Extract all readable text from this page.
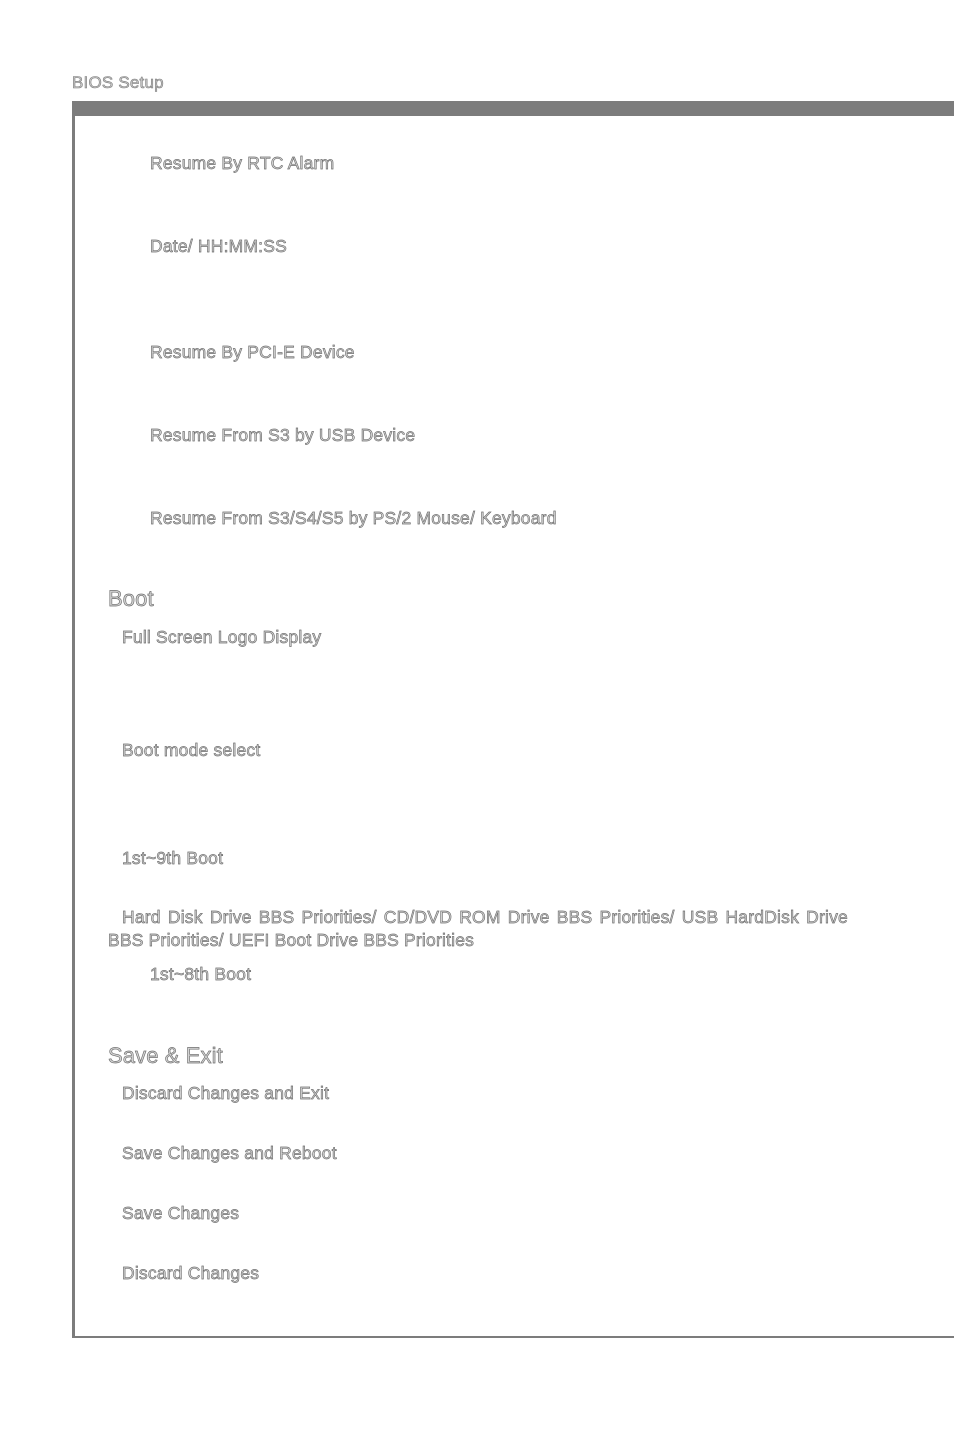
BIOS Setup
Resume By RTC Alarm
Date/ HH:MM:SS
Resume By PCI-E Device
Resume From S3 by USB Device
Resume From S3/S4/S5 by PS/2 Mouse/ Keyboard
Boot
Full Screen Logo Display
Boot mode select
1st~9th Boot
Hard Disk Drive BBS Priorities/ CD/DVD ROM Drive BBS Priorities/ USB HardDisk Drive BBS Priorities/ UEFI Boot Drive BBS Priorities
1st~8th Boot
Save & Exit
Discard Changes and Exit
Save Changes and Reboot
Save Changes
Discard Changes
